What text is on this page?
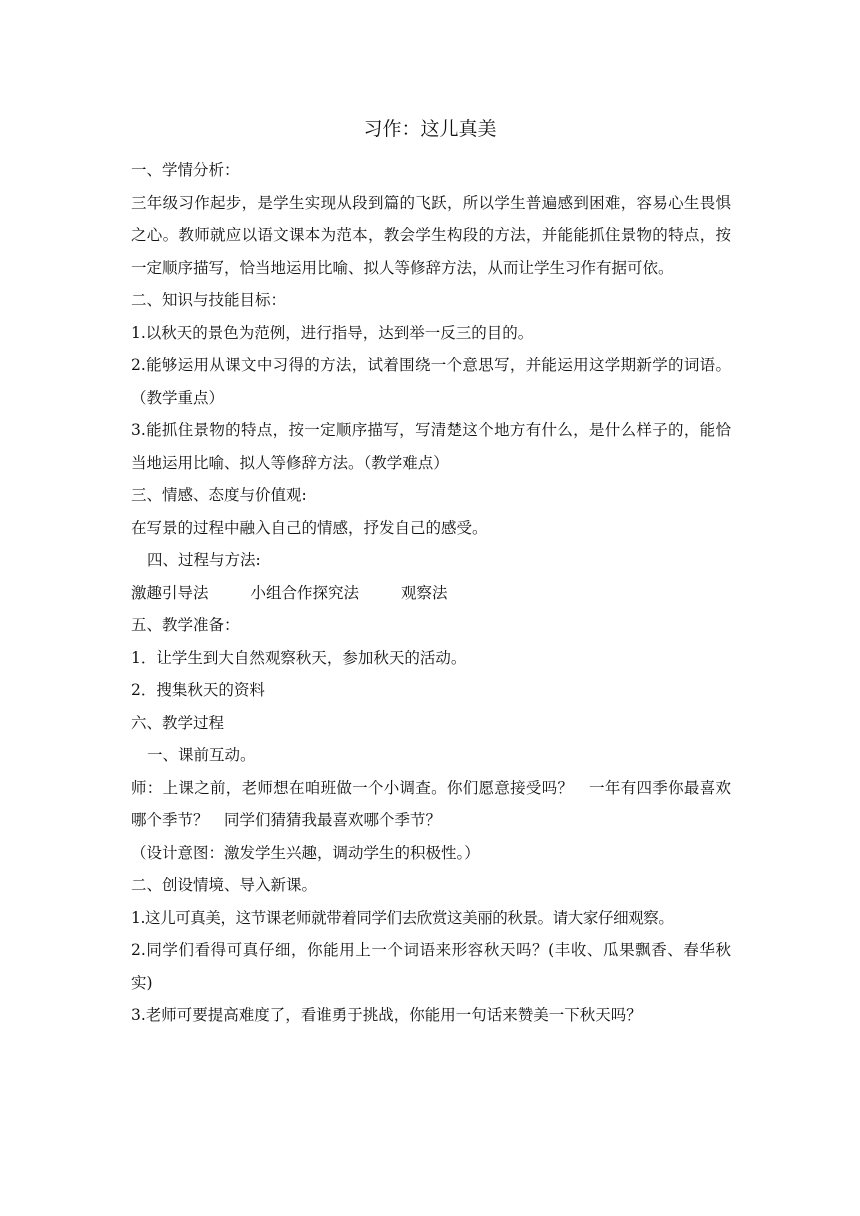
习作：这儿真美
一、学情分析：
三年级习作起步，是学生实现从段到篇的飞跃，所以学生普遍感到困难，容易心生畏惧之心。教师就应以语文课本为范本，教会学生构段的方法，并能能抓住景物的特点，按一定顺序描写，恰当地运用比喻、拟人等修辞方法，从而让学生习作有据可依。
二、知识与技能目标：
1.以秋天的景色为范例，进行指导，达到举一反三的目的。
2.能够运用从课文中习得的方法，试着围绕一个意思写，并能运用这学期新学的词语。（教学重点）
3.能抓住景物的特点，按一定顺序描写，写清楚这个地方有什么，是什么样子的，能恰当地运用比喻、拟人等修辞方法。（教学难点）
三、情感、态度与价值观:
在写景的过程中融入自己的情感，抒发自己的感受。
四、过程与方法:
激趣引导法	小组合作探究法	观察法
五、教学准备：
1．让学生到大自然观察秋天，参加秋天的活动。
2．搜集秋天的资料
六、教学过程
一、课前互动。
师：上课之前，老师想在咱班做一个小调查。你们愿意接受吗？　一年有四季你最喜欢哪个季节？　同学们猜猜我最喜欢哪个季节？
（设计意图：激发学生兴趣，调动学生的积极性。）
二、创设情境、导入新课。
1.这儿可真美，这节课老师就带着同学们去欣赏这美丽的秋景。请大家仔细观察。
2.同学们看得可真仔细，你能用上一个词语来形容秋天吗？(丰收、瓜果飘香、春华秋实)
3.老师可要提高难度了，看谁勇于挑战，你能用一句话来赞美一下秋天吗？
